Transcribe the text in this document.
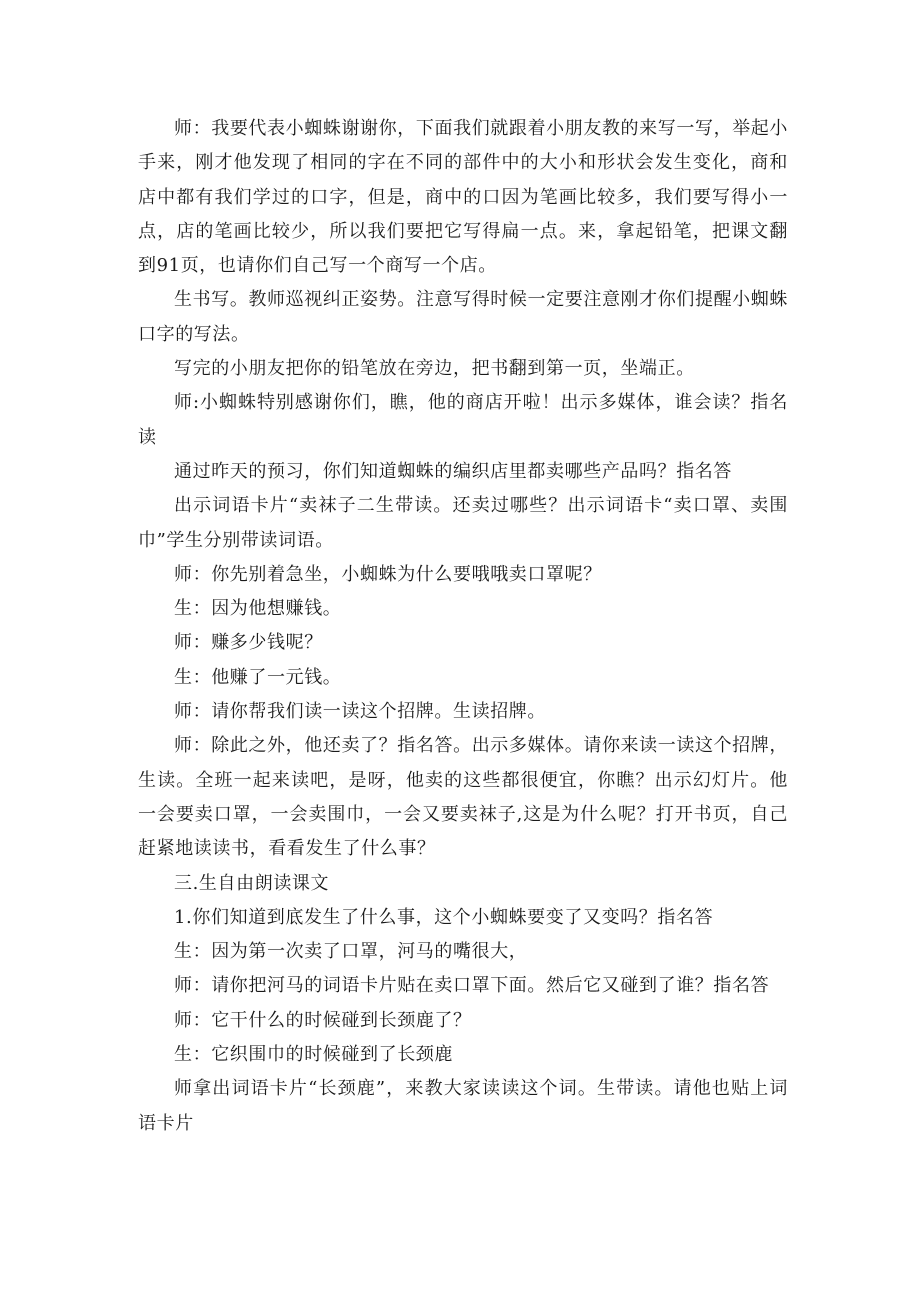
师：我要代表小蜘蛛谢谢你，下面我们就跟着小朋友教的来写一写，举起小手来，刚才他发现了相同的字在不同的部件中的大小和形状会发生变化，商和店中都有我们学过的口字，但是，商中的口因为笔画比较多，我们要写得小一点，店的笔画比较少，所以我们要把它写得扁一点。来，拿起铅笔，把课文翻到91页，也请你们自己写一个商写一个店。

生书写。教师巡视纠正姿势。注意写得时候一定要注意刚才你们提醒小蜘蛛口字的写法。

写完的小朋友把你的铅笔放在旁边，把书翻到第一页，坐端正。

师:小蜘蛛特别感谢你们，瞧，他的商店开啦！出示多媒体，谁会读？指名读

通过昨天的预习，你们知道蜘蛛的编织店里都卖哪些产品吗？指名答

出示词语卡片“卖袜子二生带读。还卖过哪些？出示词语卡“卖口罩、卖围巾”学生分别带读词语。

师：你先别着急坐，小蜘蛛为什么要哦哦卖口罩呢？

生：因为他想赚钱。

师：赚多少钱呢？

生：他赚了一元钱。

师：请你帮我们读一读这个招牌。生读招牌。

师：除此之外，他还卖了？指名答。出示多媒体。请你来读一读这个招牌，生读。全班一起来读吧，是呀，他卖的这些都很便宜，你瞧？出示幻灯片。他一会要卖口罩，一会卖围巾，一会又要卖袜子,这是为什么呢？打开书页，自己赶紧地读读书，看看发生了什么事？

三.生自由朗读课文

1.你们知道到底发生了什么事，这个小蜘蛛要变了又变吗？指名答

生：因为第一次卖了口罩，河马的嘴很大，

师：请你把河马的词语卡片贴在卖口罩下面。然后它又碰到了谁？指名答

师：它干什么的时候碰到长颈鹿了？

生：它织围巾的时候碰到了长颈鹿

师拿出词语卡片“长颈鹿”，来教大家读读这个词。生带读。请他也贴上词语卡片
